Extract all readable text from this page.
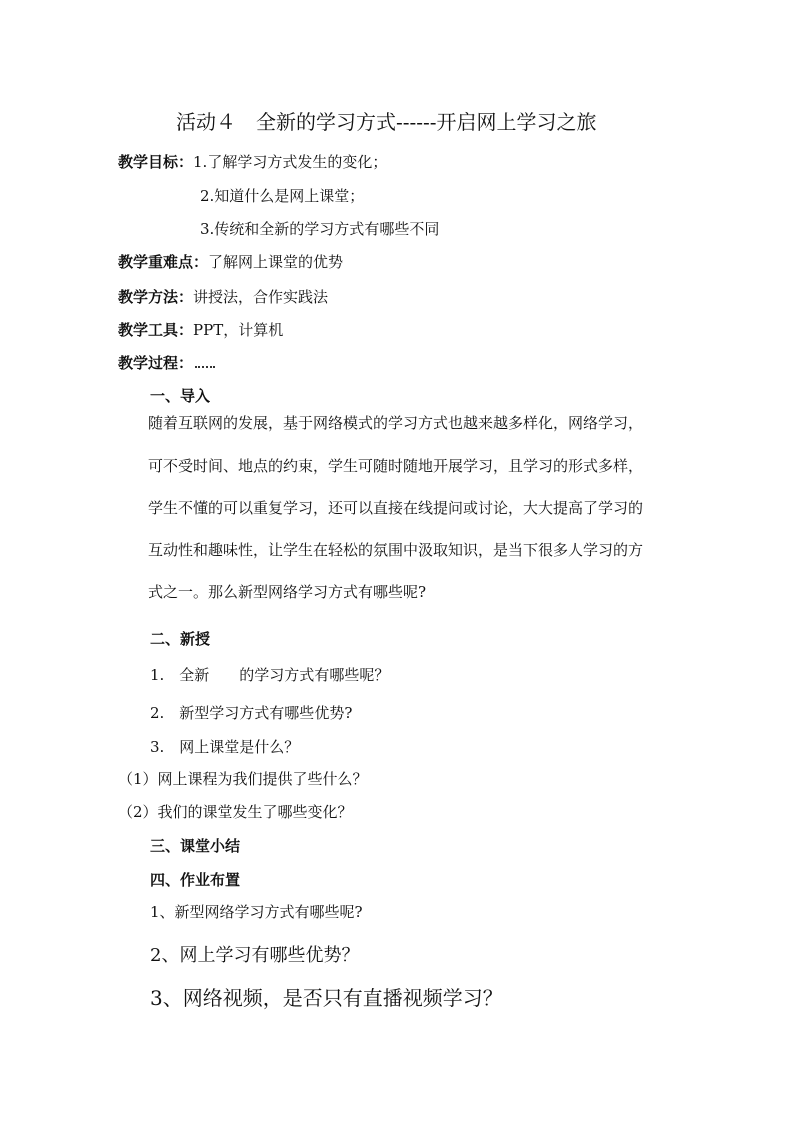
活动４　全新的学习方式------开启网上学习之旅
教学目标：1.了解学习方式发生的变化；
2.知道什么是网上课堂；
3.传统和全新的学习方式有哪些不同
教学重难点：了解网上课堂的优势
教学方法：讲授法，合作实践法
教学工具：PPT，计算机
教学过程：
一、导入
随着互联网的发展，基于网络模式的学习方式也越来越多样化，网络学习，
可不受时间、地点的约束，学生可随时随地开展学习，且学习的形式多样，
学生不懂的可以重复学习，还可以直接在线提问或讨论，大大提高了学习的
互动性和趣味性，让学生在轻松的氛围中汲取知识，是当下很多人学习的方
式之一。那么新型网络学习方式有哪些呢?
二、新授
1.　全新　　的学习方式有哪些呢？
2.　新型学习方式有哪些优势?
3.　网上课堂是什么？
（1）网上课程为我们提供了些什么？
（2）我们的课堂发生了哪些变化？
三、课堂小结
四、作业布置
1、新型网络学习方式有哪些呢?
2、网上学习有哪些优势？
3、网络视频，是否只有直播视频学习？
